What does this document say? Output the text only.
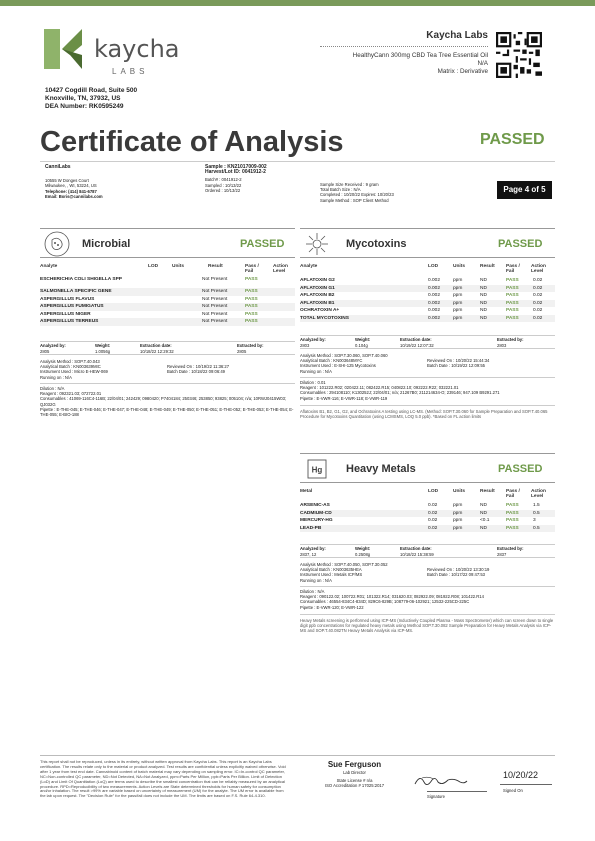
kaycha
LABS
10427 Cogdill Road, Suite 500
Knoxville, TN, 37932, US
DEA Number: RK0595249
Kaycha Labs
HealthyCann 300mg CBD Tea Tree Essential Oil
N/A
Matrix : Derivative
Certificate of Analysis	PASSED
CanniLabs
10555 W Donges Court
Milwaukee, , WI, 53224, US
Telephone: (414) 841-6787
Email: Boris@cannilabs.com
Sample : KN21017009-002
Harvest/Lot ID: 0041912-2
Batch# : 0041912-2
Sampled : 10/13/22
Ordered : 10/13/22
Sample Size Received : 9 gram
Total Batch Size : N/A
Completed : 10/20/22 Expires: 10/20/23
Sample Method : SOP Client Method
Page 4 of 5
Microbial	PASSED
Analyte	LOD	Units	Result	Pass / Fail
Action Level
ESCHERICHIA COLI SHIGELLA SPP	Not Present	PASS
SALMONELLA SPECIFIC GENE	Not Present	PASS
ASPERGILLUS FLAVUS	Not Present	PASS
ASPERGILLUS FUMIGATUS	Not Present	PASS
ASPERGILLUS NIGER	Not Present	PASS
ASPERGILLUS TERREUS	Not Present	PASS
Analyzed by:
2805
Weight:
1.0056g
Extraction date:
10/18/22 12:29:32
Extracted by:
2805
Analysis Method : SOP.T.40.043
Analytical Batch : KN003639MIC
Instrument Used : Micro E-HEW-069
Running on : N/A
Reviewed On : 10/19/22 11:36:27
Batch Date : 10/18/22 09:06:49
Dilution : N/A
Reagent : 092321.03; 072722.01
Consumables : 41069-116C4-116B; 22/04/01; 242429; 0980420; P7404184; 250346; 253850; 93825; 005104; n/a; 10RWJ0415W03; QJ032G
Pipette : E-THE-045; E-THE-046; E-THE-047; E-THE-048; E-THE-049; E-THE-050; E-THE-051; E-THE-052; E-THE-053; E-THE-054; E-THE-055; E-BIO-188
Mycotoxins	PASSED
Analyte	LOD	Units	Result Pass / Fail
Action Level
AFLATOXIN G2	0.002	ppm	ND	PASS	0.02
AFLATOXIN G1	0.002	ppm	ND	PASS	0.02
AFLATOXIN B2	0.002	ppm	ND	PASS	0.02
AFLATOXIN B1	0.002	ppm	ND	PASS	0.02
OCHRATOXIN A+	0.002	ppm	ND	PASS	0.02
TOTAL MYCOTOXINS	0.002	ppm	ND	PASS	0.02
Analyzed by:
2803
Weight:
0.104g
Extraction date:
10/19/22 12:07:32
Extracted by:
2803
Analysis Method : SOP.T.30.060, SOP.T.40.060
Analytical Batch : KN003648MYC
Instrument Used : E-SHI-125 Mycotoxins
Running on : N/A
Reviewed On : 10/20/22 15:44:34
Batch Date : 10/19/22 12:09:55
Dilution : 0.01
Reagent : 101222.R02; 020422.11; 082422.R15; 040822.10; 092222.R22; 032221.01
Consumables : 294108110; K130252J; 22/04/01; n/a; 21267B0; 211214634-O; 239146; 947.109 B9291.271
Pipette : E-VWR-116; E-VWR-118; E-VWR-119
Aflatoxins B1, B2, G1, G2, and Ochratoxins A testing using LC-MS. (Method: SOP.T.30.060 for Sample Preparation and SOP.T.40.065 Procedure for Mycotoxins Quantitation (using LCMSMS, LOQ 5.0 ppb). *Based on FL action limits
Hg Heavy Metals	PASSED
Metal	LOD	Units	Result Pass / Fail
Action Level
ARSENIC-AS	0.02	ppm	ND	PASS	1.5
CADMIUM-CD	0.02	ppm	ND	PASS	0.5
MERCURY-HG	0.02	ppm	<0.1	PASS	3
LEAD-PB	0.02	ppm	ND	PASS	0.5
Analyzed by:
2837, 12
Weight:
0.2508g
Extraction date:
10/18/22 15:38:59
Extracted by:
2837
Analysis Method : SOP.T.40.050, SOP.T.30.052
Analytical Batch : KN003635HEA
Instrument Used : Metals ICP/MS
Running on : N/A
Reviewed On : 10/20/22 13:30:19
Batch Date : 10/17/22 09:47:53
Dilution : N/A
Reagent : 090122.02; 100722.R01; 101322.R14; 031620.03; 082922.09; 081922.R08; 101422.R14
Consumables : 46554-834C4-834D; 829C6-829B; 108779-06-102921; 12532-225CD-225C
Pipette : E-VWR-120; E-VWR-122
Heavy Metals screening is performed using ICP-MS (Inductively Coupled Plasma - Mass Spectrometer) which can screen down to single digit ppb concentrations for regulated heavy metals using Method SOP.T.30.082 Sample Preparation for Heavy Metals Analysis via ICP-MS and SOP.T.40.082TN Heavy Metals Analysis via ICP-MS.
This report shall not be reproduced, unless in its entirety, without written approval from Kaycha Labs. This report is an Kaycha Labs certification. The results relate only to the material or product analyzed. Test results are confidential unless explicitly waived otherwise. Void after 1 year from test end date. Cannabinoid content of batch material may vary depending on sampling error. IC=In-control QC parameter, NC=Non-controlled QC parameter, ND=Not Detected, NA=Not Analyzed, ppm=Parts Per Million, ppb=Parts Per Billion. Limit of Detection (LoD) and Limit Of Quantitation (LoQ) are terms used to describe the smallest concentration that can be reliably measured by an analytical procedure. RPD=Reproducibility of two measurements. Action Levels are State determined thresholds for human safety for consumption and/or inhalation. The result >99% are variable based on uncertainty of measurement (UM) for the analyte. The UM error is available from the lab upon request. The "Decision Rule" for the pass/fail does not include the UM. The limits are based on F.S. Rule 64-4.310.
Sue Ferguson
Lab Director
State License # n/a
ISO Accreditation # 17025:2017
Signature
10/20/22
Signed On
